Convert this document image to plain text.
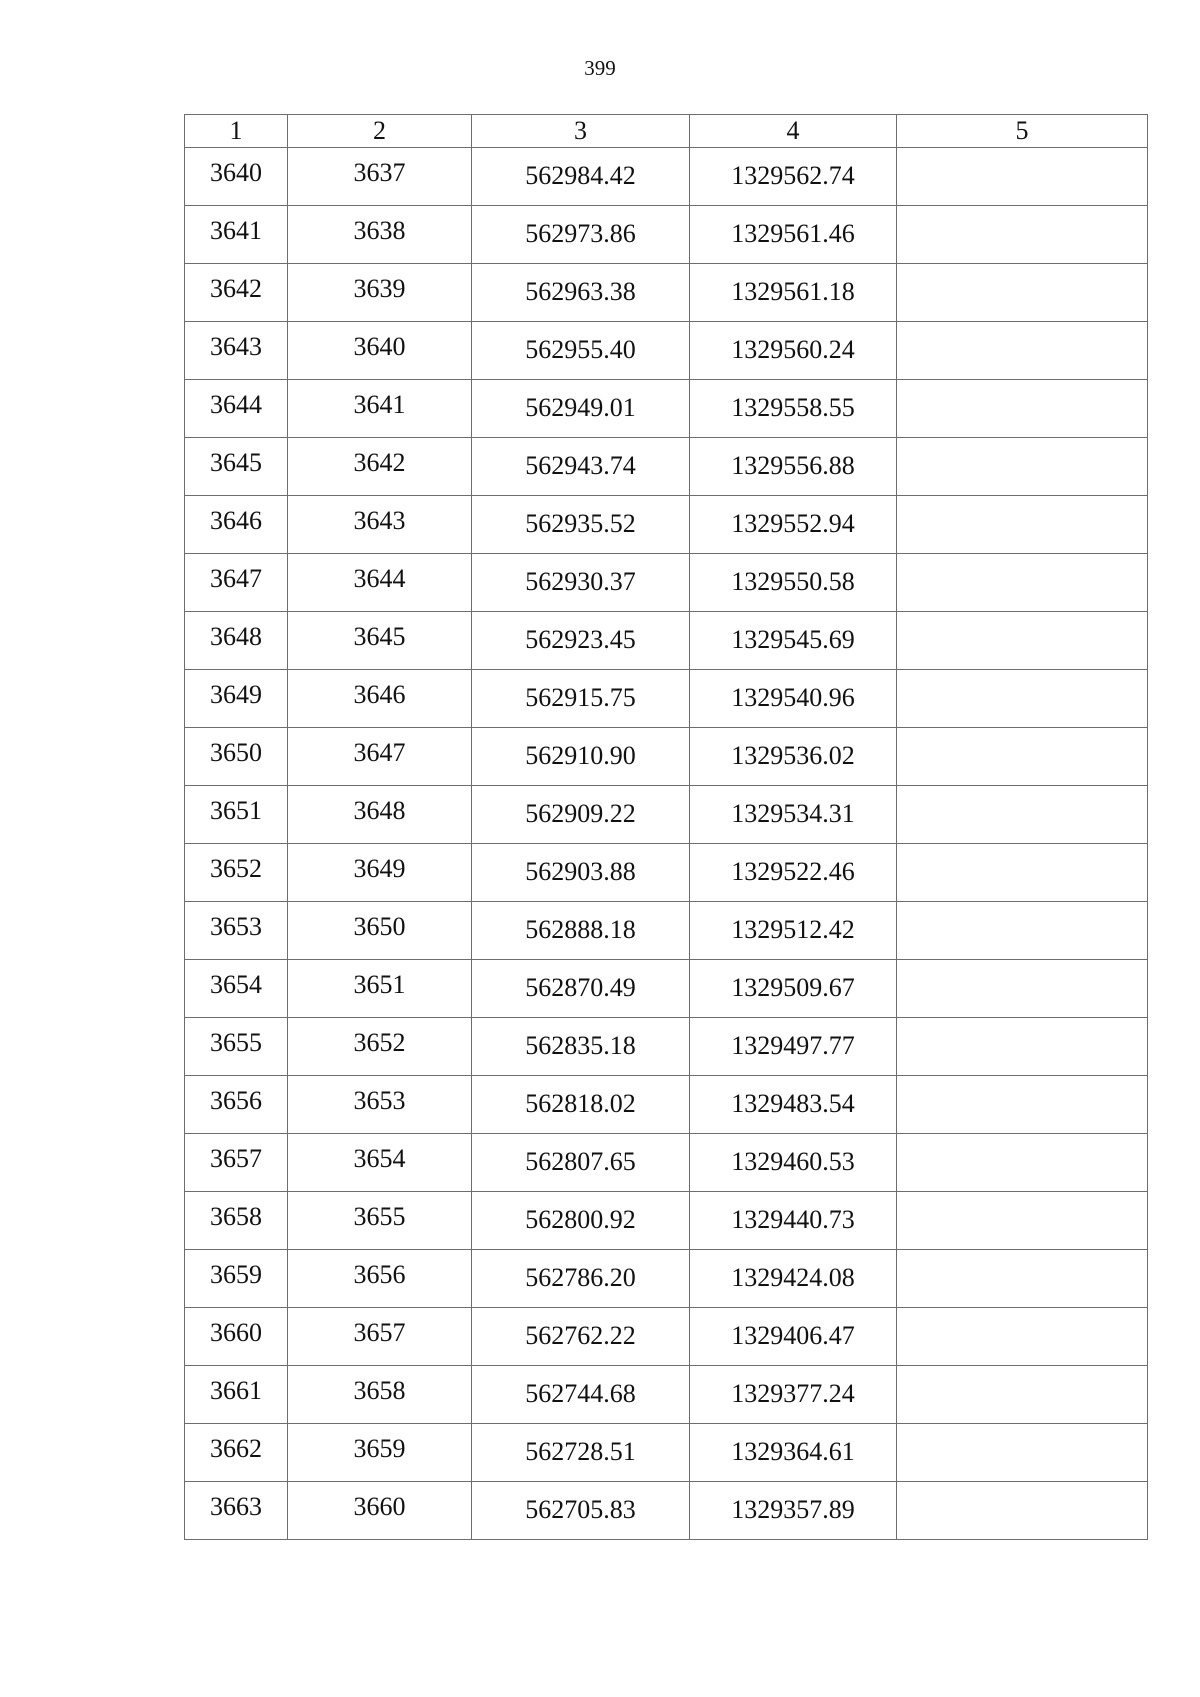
399
1	2	3	4	5
3640	3637	562984.42	1329562.74	
3641	3638	562973.86	1329561.46	
3642	3639	562963.38	1329561.18	
3643	3640	562955.40	1329560.24	
3644	3641	562949.01	1329558.55	
3645	3642	562943.74	1329556.88	
3646	3643	562935.52	1329552.94	
3647	3644	562930.37	1329550.58	
3648	3645	562923.45	1329545.69	
3649	3646	562915.75	1329540.96	
3650	3647	562910.90	1329536.02	
3651	3648	562909.22	1329534.31	
3652	3649	562903.88	1329522.46	
3653	3650	562888.18	1329512.42	
3654	3651	562870.49	1329509.67	
3655	3652	562835.18	1329497.77	
3656	3653	562818.02	1329483.54	
3657	3654	562807.65	1329460.53	
3658	3655	562800.92	1329440.73	
3659	3656	562786.20	1329424.08	
3660	3657	562762.22	1329406.47	
3661	3658	562744.68	1329377.24	
3662	3659	562728.51	1329364.61	
3663	3660	562705.83	1329357.89	
